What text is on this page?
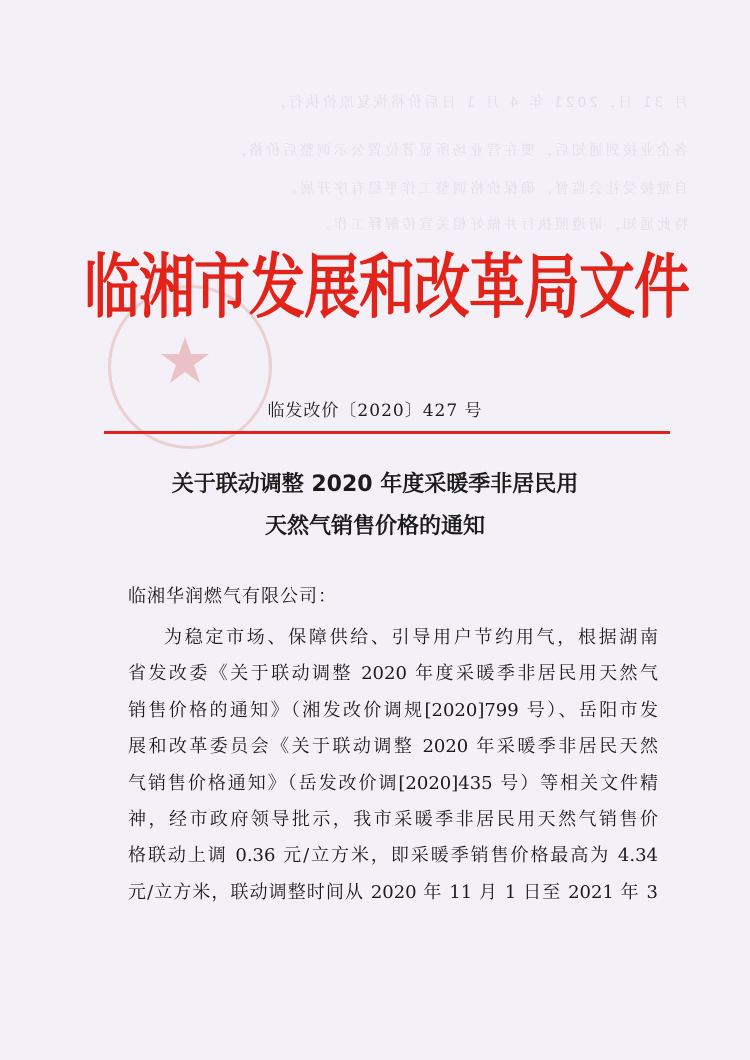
月 31 日，2021 年 4 月 1 日后价格恢复原价执行，
各企业接到通知后，要在营业场所显著位置公示调整后价格，
自觉接受社会监督，确保价格调整工作平稳有序开展。
特此通知，请遵照执行并做好相关宣传解释工作。
临湘市发展和改革局文件
临发改价〔2020〕427 号
关于联动调整 2020 年度采暖季非居民用
天然气销售价格的通知
临湘华润燃气有限公司：
为稳定市场、保障供给、引导用户节约用气，根据湖南
省发改委《关于联动调整 2020 年度采暖季非居民用天然气
销售价格的通知》（湘发改价调规[2020]799 号）、岳阳市发
展和改革委员会《关于联动调整 2020 年采暖季非居民天然
气销售价格通知》（岳发改价调[2020]435 号）等相关文件精
神，经市政府领导批示，我市采暖季非居民用天然气销售价
格联动上调 0.36 元/立方米，即采暖季销售价格最高为 4.34
元/立方米，联动调整时间从 2020 年 11 月 1 日至 2021 年 3
